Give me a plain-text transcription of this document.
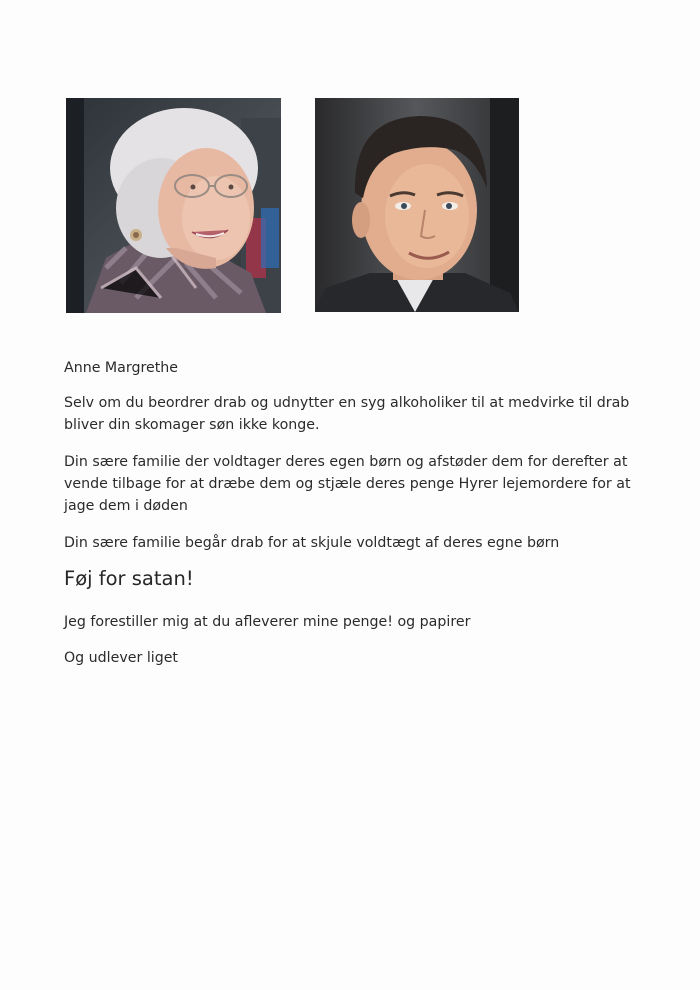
Anne Margrethe

Selv om du beordrer drab og udnytter en syg alkoholiker til at medvirke til drab bliver din skomager søn ikke konge.

Din sære familie der voldtager deres egen børn og afstøder dem for derefter at vende tilbage for at dræbe dem og stjæle deres penge Hyrer lejemordere for at jage dem i døden

Din sære familie begår drab for at skjule voldtægt af deres egne børn

Føj for satan!

Jeg forestiller mig at du afleverer mine penge! og papirer

Og udlever liget
